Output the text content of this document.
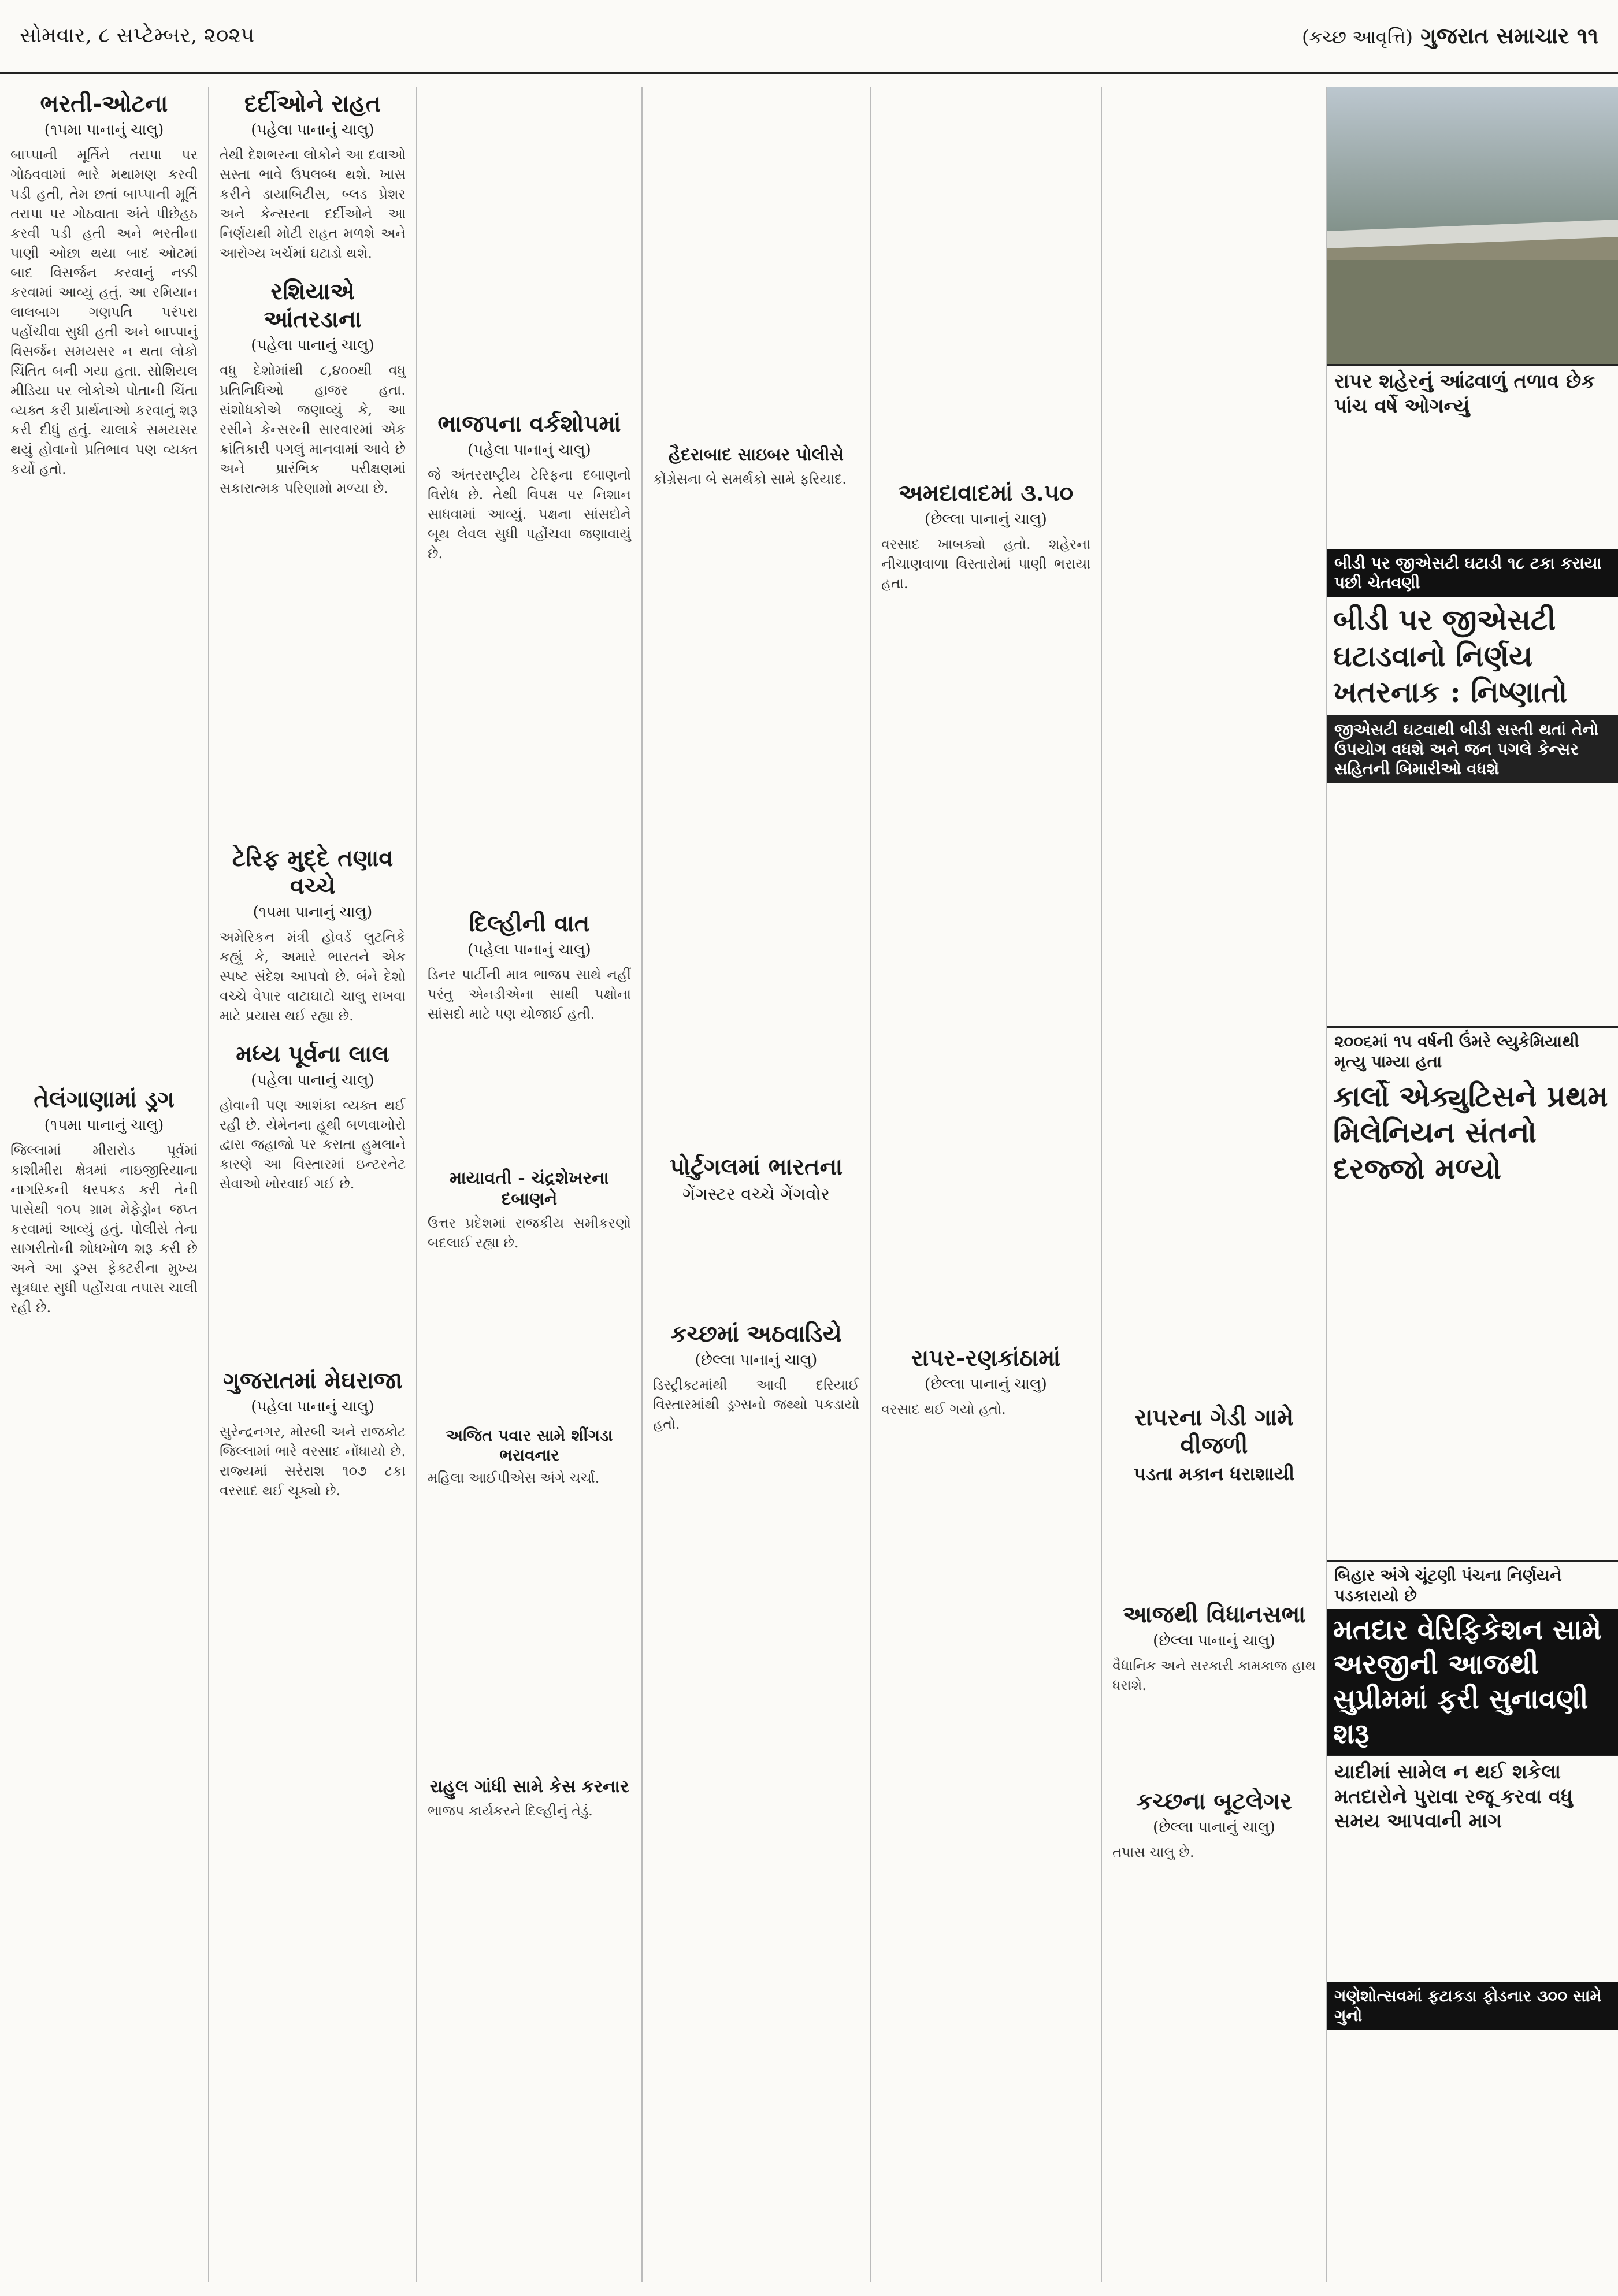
સોમવાર, ૮ સપ્ટેમ્બર, ૨૦૨૫	(કચ્છ આવૃત્તિ) ગુજરાત સમાચાર ૧૧
ભરતી-ઓટના
(૧૫મા પાનાનું ચાલુ)
બાપ્પાની મૂર્તિને તરાપા પર ગોઠવવામાં ભારે મથામણ કરવી પડી હતી, તેમ છતાં બાપ્પાની મૂર્તિ તરાપા પર ગોઠવાતા અંતે પીછેહઠ કરવી પડી હતી અને ભરતીના પાણી ઓછા થયા બાદ ઓટમાં બાદ વિસર્જન કરવાનું નક્કી કરવામાં આવ્યું હતું. આ રમિયાન લાલબાગ ગણપતિ પરંપરા પહોંચીવા સુધી હતી અને બાપ્પાનું વિસર્જન સમયસર ન થતા લોકો ચિંતિત બની ગયા હતા. સોશિયલ મીડિયા પર લોકોએ પોતાની ચિંતા વ્યક્ત કરી પ્રાર્થનાઓ કરવાનું શરૂ કરી દીધું હતું. ચાલાકે સમયસર થયું હોવાનો પ્રતિભાવ પણ વ્યક્ત કર્યો હતો.
તેલંગાણામાં ડ્રગ
(૧૫મા પાનાનું ચાલુ)
જિલ્લામાં મીરારોડ પૂર્વમાં કાશીમીરા ક્ષેત્રમાં નાઇજીરિયાના નાગરિકની ધરપકડ કરી તેની પાસેથી ૧૦૫ ગ્રામ મેફેડ્રોન જપ્ત કરવામાં આવ્યું હતું. પોલીસે તેના સાગરીતોની શોધખોળ શરૂ કરી છે અને આ ડ્રગ્સ ફેક્ટરીના મુખ્ય સૂત્રધાર સુધી પહોંચવા તપાસ ચાલી રહી છે.
દર્દીઓને રાહત
(પહેલા પાનાનું ચાલુ)
તેથી દેશભરના લોકોને આ દવાઓ સસ્તા ભાવે ઉપલબ્ધ થશે. ખાસ કરીને ડાયાબિટીસ, બ્લડ પ્રેશર અને કેન્સરના દર્દીઓને આ નિર્ણયથી મોટી રાહત મળશે અને આરોગ્ય ખર્ચમાં ઘટાડો થશે.
રશિયાએ આંતરડાના
(પહેલા પાનાનું ચાલુ)
વધુ દેશોમાંથી ૮,૪૦૦થી વધુ પ્રતિનિધિઓ હાજર હતા. સંશોધકોએ જણાવ્યું કે, આ રસીને કેન્સરની સારવારમાં એક ક્રાંતિકારી પગલું માનવામાં આવે છે અને પ્રારંભિક પરીક્ષણમાં સકારાત્મક પરિણામો મળ્યા છે.
ટેરિફ મુદ્દે તણાવ વચ્ચે
(૧૫મા પાનાનું ચાલુ)
અમેરિકન મંત્રી હોવર્ડ લુટનિકે કહ્યું કે, અમારે ભારતને એક સ્પષ્ટ સંદેશ આપવો છે. બંને દેશો વચ્ચે વેપાર વાટાઘાટો ચાલુ રાખવા માટે પ્રયાસ થઈ રહ્યા છે.
મધ્ય પૂર્વના લાલ
(પહેલા પાનાનું ચાલુ)
હોવાની પણ આશંકા વ્યક્ત થઈ રહી છે. યેમેનના હૂથી બળવાખોરો દ્વારા જહાજો પર કરાતા હુમલાને કારણે આ વિસ્તારમાં ઇન્ટરનેટ સેવાઓ ખોરવાઈ ગઈ છે.
ગુજરાતમાં મેઘરાજા
(પહેલા પાનાનું ચાલુ)
સુરેન્દ્રનગર, મોરબી અને રાજકોટ જિલ્લામાં ભારે વરસાદ નોંધાયો છે. રાજ્યમાં સરેરાશ ૧૦૭ ટકા વરસાદ થઈ ચૂક્યો છે.
ભાજપના વર્કશોપમાં
(પહેલા પાનાનું ચાલુ)
જે અંતરરાષ્ટ્રીય ટેરિફના દબાણનો વિરોધ છે. તેથી વિપક્ષ પર નિશાન સાધવામાં આવ્યું. પક્ષના સાંસદોને બૂથ લેવલ સુધી પહોંચવા જણાવાયું છે.
દિલ્હીની વાત
(પહેલા પાનાનું ચાલુ)
ડિનર પાર્ટીની માત્ર ભાજપ સાથે નહીં પરંતુ એનડીએના સાથી પક્ષોના સાંસદો માટે પણ યોજાઈ હતી.
માયાવતી - ચંદ્રશેખરના દબાણને
ઉત્તર પ્રદેશમાં રાજકીય સમીકરણો બદલાઈ રહ્યા છે.
અજિત પવાર સામે શીંગડા ભરાવનાર
મહિલા આઈપીએસ અંગે ચર્ચા.
રાહુલ ગાંધી સામે કેસ કરનાર
ભાજપ કાર્યકરને દિલ્હીનું તેડું.
હૈદરાબાદ સાઇબર પોલીસે
કોંગ્રેસના બે સમર્થકો સામે ફરિયાદ.
પોર્ટુગલમાં ભારતના
ગેંગસ્ટર વચ્ચે ગેંગવોર
કચ્છમાં અઠવાડિયે
(છેલ્લા પાનાનું ચાલુ)
ડિસ્ટ્રીક્ટમાંથી આવી દરિયાઈ વિસ્તારમાંથી ડ્રગ્સનો જથ્થો પકડાયો હતો.
અમદાવાદમાં ૩.૫૦
(છેલ્લા પાનાનું ચાલુ)
વરસાદ ખાબક્યો હતો. શહેરના નીચાણવાળા વિસ્તારોમાં પાણી ભરાયા હતા.
રાપર-રણકાંઠામાં
(છેલ્લા પાનાનું ચાલુ)
વરસાદ થઈ ગયો હતો.	રાપરના ગેડી ગામે વીજળી
પડતા મકાન ધરાશાયી
આજથી વિધાનસભા
(છેલ્લા પાનાનું ચાલુ)
વૈધાનિક અને સરકારી કામકાજ હાથ ધરાશે.
કચ્છના બૂટલેગર
(છેલ્લા પાનાનું ચાલુ)
તપાસ ચાલુ છે.
રાપર શહેરનું આંઢવાળું તળાવ છેક પાંચ વર્ષે ઓગન્યું
બીડી પર જીએસટી ઘટાડી ૧૮ ટકા કરાયા પછી ચેતવણી
બીડી પર જીએસટી ઘટાડવાનો નિર્ણય ખતરનાક : નિષ્ણાતો
જીએસટી ઘટવાથી બીડી સસ્તી થતાં તેનો ઉપયોગ વધશે અને જન પગલે કેન્સર સહિતની બિમારીઓ વધશે
૨૦૦૬માં ૧૫ વર્ષની ઉંમરે લ્યુકેમિયાથી મૃત્યુ પામ્યા હતા
કાર્લો એક્યુટિસને પ્રથમ મિલેનિયન સંતનો દરજ્જો મળ્યો
બિહાર અંગે ચૂંટણી પંચના નિર્ણયને પડકારાયો છે
મતદાર વેરિફિકેશન સામે અરજીની આજથી સુપ્રીમમાં ફરી સુનાવણી શરૂ
યાદીમાં સામેલ ન થઈ શકેલા મતદારોને પુરાવા રજૂ કરવા વધુ સમય આપવાની માગ
ગણેશોત્સવમાં ફટાકડા ફોડનાર ૩૦૦ સામે ગુનો
